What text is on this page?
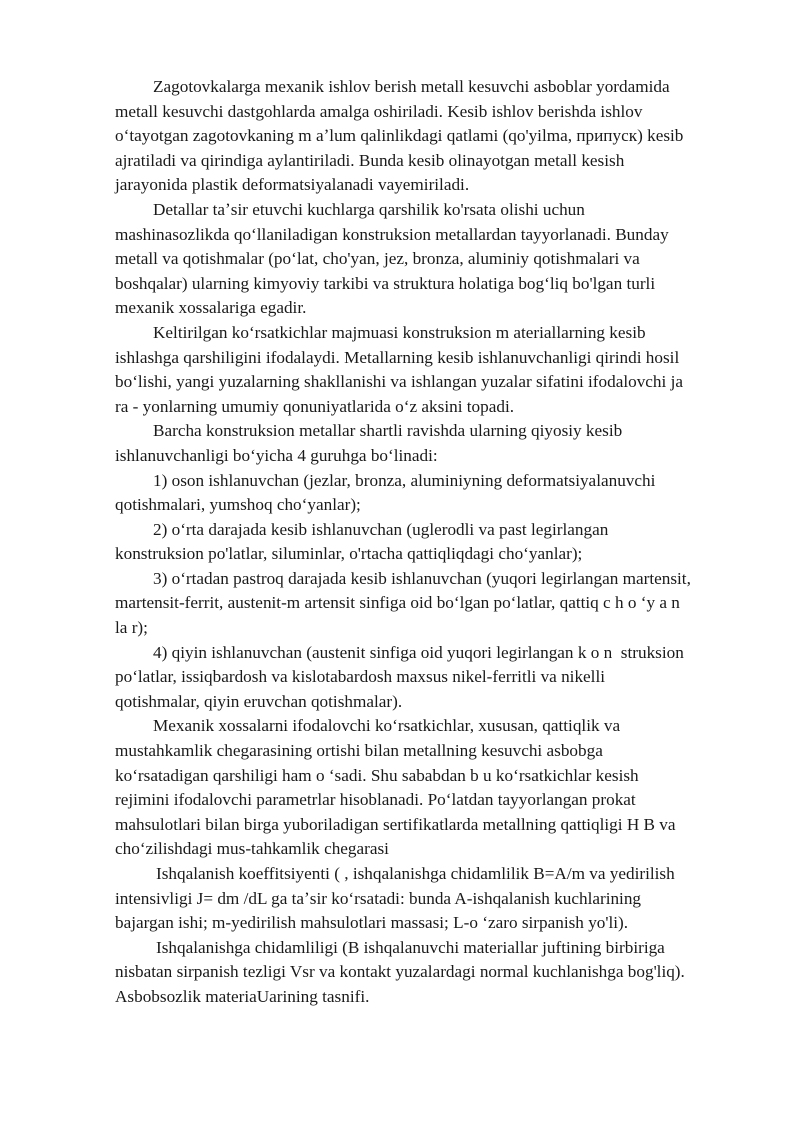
Zagotovkalarga mexanik ishlov berish metall kesuvchi asboblar yordamida
metall kesuvchi dastgohlarda amalga oshiriladi. Kesib ishlov berishda ishlov
oʻtayotgan zagotovkaning m aʼlum qalinlikdagi qatlami (qo'yilma, припуск) kesib
ajratiladi va qirindiga aylantiriladi. Bunda kesib olinayotgan metall kesish
jarayonida plastik deformatsiyalanadi vayemiriladi.
Detallar taʼsir etuvchi kuchlarga qarshilik ko'rsata olishi uchun
mashinasozlikda qoʻllaniladigan konstruksion metallardan tayyorlanadi. Bunday
metall va qotishmalar (poʻlat, cho'yan, jez, bronza, aluminiy qotishmalari va
boshqalar) ularning kimyoviy tarkibi va struktura holatiga bogʻliq bo'lgan turli
mexanik xossalariga egadir.
Keltirilgan koʻrsatkichlar majmuasi konstruksion m ateriallarning kesib
ishlashga qarshiligini ifodalaydi. Metallarning kesib ishlanuvchanligi qirindi hosil
boʻlishi, yangi yuzalarning shakllanishi va ishlangan yuzalar sifatini ifodalovchi ja
ra - yonlarning umumiy qonuniyatlarida oʻz aksini topadi.
Barcha konstruksion metallar shartli ravishda ularning qiyosiy kesib
ishlanuvchanligi boʻyicha 4 guruhga boʻlinadi:
1) oson ishlanuvchan (jezlar, bronza, aluminiyning deformatsiyalanuvchi
qotishmalari, yumshoq choʻyanlar);
2) oʻrta darajada kesib ishlanuvchan (uglerodli va past legirlangan
konstruksion po'latlar, siluminlar, o'rtacha qattiqliqdagi choʻyanlar);
3) oʻrtadan pastroq darajada kesib ishlanuvchan (yuqori legirlangan martensit,
martensit-ferrit, austenit-m artensit sinfiga oid boʻlgan poʻlatlar, qattiq c h o ʻy a n
la r);
4) qiyin ishlanuvchan (austenit sinfiga oid yuqori legirlangan k o n  struksion
poʻlatlar, issiqbardosh va kislotabardosh maxsus nikel-ferritli va nikelli
qotishmalar, qiyin eruvchan qotishmalar).
Mexanik xossalarni ifodalovchi koʻrsatkichlar, xususan, qattiqlik va
mustahkamlik chegarasining ortishi bilan metallning kesuvchi asbobga
koʻrsatadigan qarshiligi ham o ʻsadi. Shu sababdan b u koʻrsatkichlar kesish
rejimini ifodalovchi parametrlar hisoblanadi. Poʻlatdan tayyorlangan prokat
mahsulotlari bilan birga yuboriladigan sertifikatlarda metallning qattiqligi H B va
choʻzilishdagi mus-tahkamlik chegarasi
Ishqalanish koeffitsiyenti ( , ishqalanishga chidamlilik B=A/m va yedirilish
intensivligi J= dm /dL ga taʼsir koʻrsatadi: bunda A-ishqalanish kuchlarining
bajargan ishi; m-yedirilish mahsulotlari massasi; L-o ʻzaro sirpanish yo'li).
Ishqalanishga chidamliligi (B ishqalanuvchi materiallar juftining birbiriga
nisbatan sirpanish tezligi Vsr va kontakt yuzalardagi normal kuchlanishga bog'liq).
Asbobsozlik materiaUarining tasnifi.
